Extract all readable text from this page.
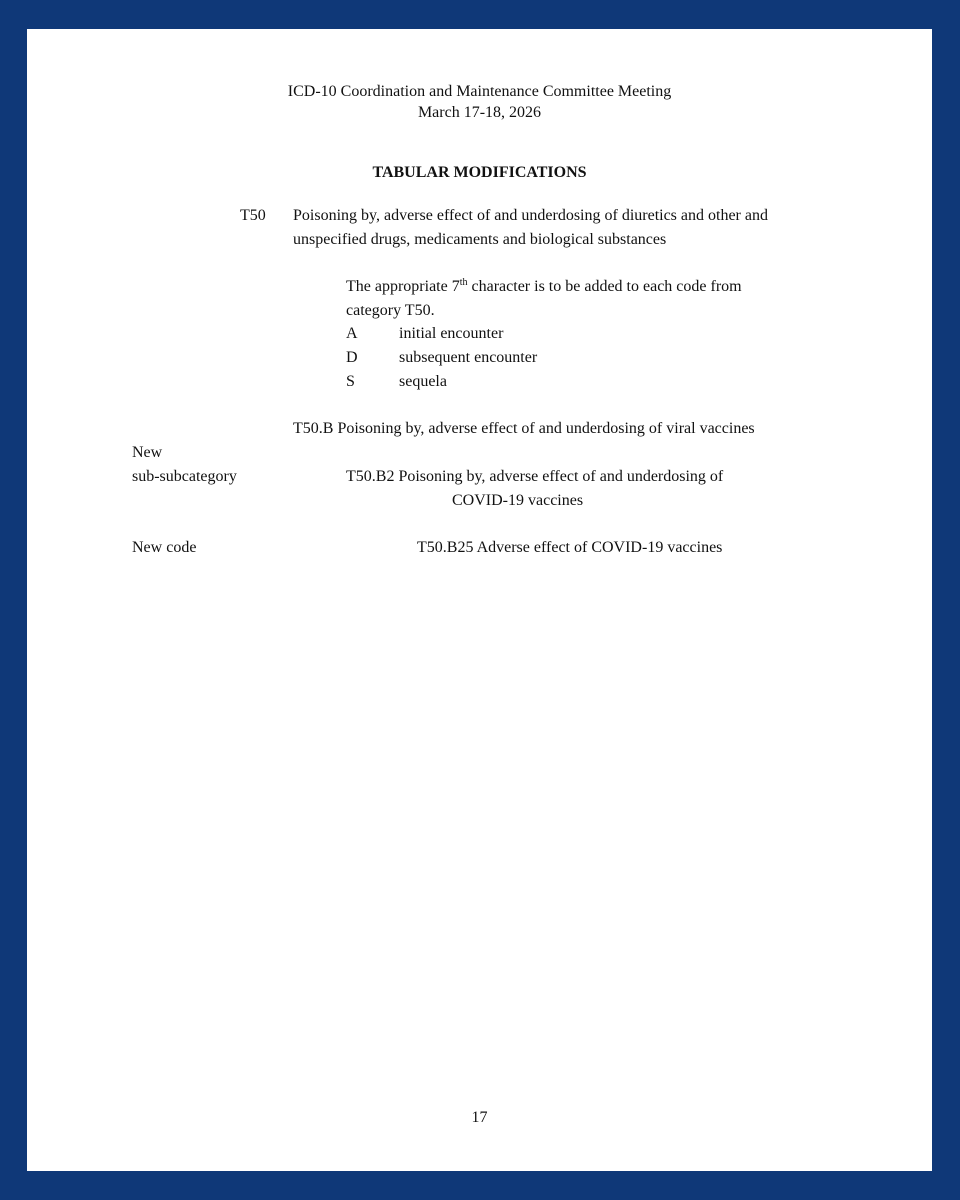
ICD-10 Coordination and Maintenance Committee Meeting
March 17-18, 2026
TABULAR MODIFICATIONS
T50 Poisoning by, adverse effect of and underdosing of diuretics and other and
unspecified drugs, medicaments and biological substances
The appropriate 7th character is to be added to each code from
category T50.
A	initial encounter
D	subsequent encounter
S	sequela
T50.B Poisoning by, adverse effect of and underdosing of viral vaccines
New
sub-subcategory	T50.B2 Poisoning by, adverse effect of and underdosing of
COVID-19 vaccines
New code	T50.B25 Adverse effect of COVID-19 vaccines
17
